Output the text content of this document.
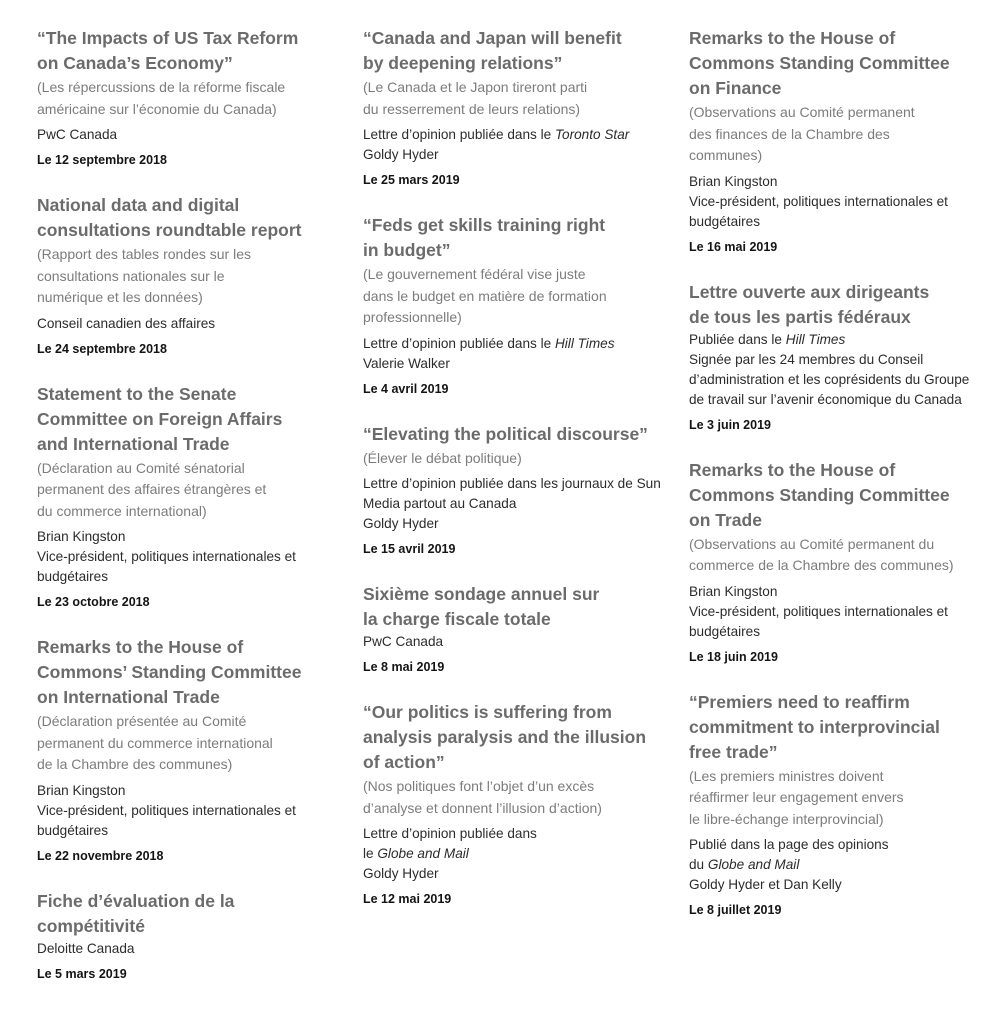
“The Impacts of US Tax Reform
on Canada’s Economy”

(Les répercussions de la réforme fiscale
américaine sur l’économie du Canada)

PwC Canada

Le 12 septembre 2018

National data and digital
consultations roundtable report

(Rapport des tables rondes sur les
consultations nationales sur le
numérique et les données)

Conseil canadien des affaires

Le 24 septembre 2018

Statement to the Senate
Committee on Foreign Affairs
and International Trade

(Déclaration au Comité sénatorial
permanent des affaires étrangères et
du commerce international)

Brian Kingston

Vice-président, politiques internationales et budgétaires

Le 23 octobre 2018

Remarks to the House of
Commons’ Standing Committee
on International Trade

(Déclaration présentée au Comité
permanent du commerce international
de la Chambre des communes)

Brian Kingston

Vice-président, politiques internationales et budgétaires

Le 22 novembre 2018

Fiche d’évaluation de la compétitivité

Deloitte Canada

Le 5 mars 2019

“Canada and Japan will benefit
by deepening relations”

(Le Canada et le Japon tireront parti
du resserrement de leurs relations)

Lettre d’opinion publiée dans le Toronto Star

Goldy Hyder

Le 25 mars 2019

“Feds get skills training right
in budget”

(Le gouvernement fédéral vise juste
dans le budget en matière de formation
professionnelle)

Lettre d’opinion publiée dans le Hill Times

Valerie Walker

Le 4 avril 2019

“Elevating the political discourse”

(Élever le débat politique)

Lettre d’opinion publiée dans les journaux de Sun Media partout au Canada

Goldy Hyder

Le 15 avril 2019

Sixième sondage annuel sur
la charge fiscale totale

PwC Canada

Le 8 mai 2019

“Our politics is suffering from
analysis paralysis and the illusion
of action”

(Nos politiques font l’objet d’un excès
d’analyse et donnent l’illusion d’action)

Lettre d’opinion publiée dans

le Globe and Mail

Goldy Hyder

Le 12 mai 2019

Remarks to the House of
Commons Standing Committee
on Finance

(Observations au Comité permanent
des finances de la Chambre des
communes)

Brian Kingston

Vice-président, politiques internationales et budgétaires

Le 16 mai 2019

Lettre ouverte aux dirigeants
de tous les partis fédéraux

Publiée dans le Hill Times

Signée par les 24 membres du Conseil d’administration et les coprésidents du Groupe de travail sur l’avenir économique du Canada

Le 3 juin 2019

Remarks to the House of
Commons Standing Committee
on Trade

(Observations au Comité permanent du
commerce de la Chambre des communes)

Brian Kingston

Vice-président, politiques internationales et budgétaires

Le 18 juin 2019

“Premiers need to reaffirm
commitment to interprovincial
free trade”

(Les premiers ministres doivent
réaffirmer leur engagement envers
le libre-échange interprovincial)

Publié dans la page des opinions

du Globe and Mail

Goldy Hyder et Dan Kelly

Le 8 juillet 2019
